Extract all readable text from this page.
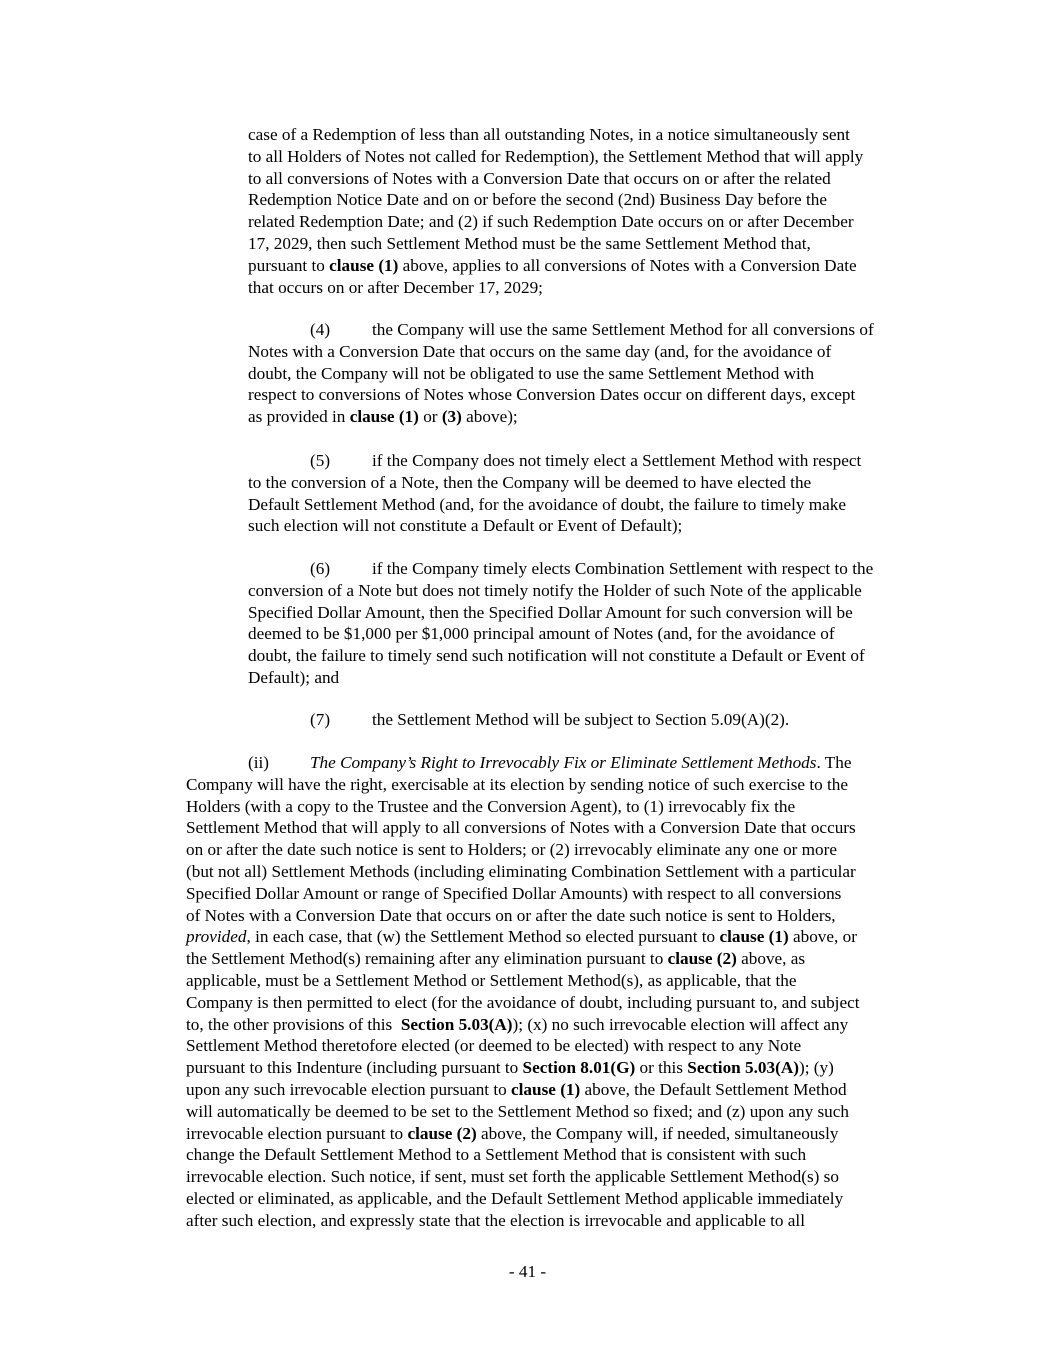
case of a Redemption of less than all outstanding Notes, in a notice simultaneously sent
to all Holders of Notes not called for Redemption), the Settlement Method that will apply
to all conversions of Notes with a Conversion Date that occurs on or after the related
Redemption Notice Date and on or before the second (2nd) Business Day before the
related Redemption Date; and (2) if such Redemption Date occurs on or after December
17, 2029, then such Settlement Method must be the same Settlement Method that,
pursuant to clause (1) above, applies to all conversions of Notes with a Conversion Date
that occurs on or after December 17, 2029;
(4) the Company will use the same Settlement Method for all conversions of
Notes with a Conversion Date that occurs on the same day (and, for the avoidance of
doubt, the Company will not be obligated to use the same Settlement Method with
respect to conversions of Notes whose Conversion Dates occur on different days, except
as provided in clause (1) or (3) above);
(5) if the Company does not timely elect a Settlement Method with respect
to the conversion of a Note, then the Company will be deemed to have elected the
Default Settlement Method (and, for the avoidance of doubt, the failure to timely make
such election will not constitute a Default or Event of Default);
(6) if the Company timely elects Combination Settlement with respect to the
conversion of a Note but does not timely notify the Holder of such Note of the applicable
Specified Dollar Amount, then the Specified Dollar Amount for such conversion will be
deemed to be $1,000 per $1,000 principal amount of Notes (and, for the avoidance of
doubt, the failure to timely send such notification will not constitute a Default or Event of
Default); and
(7) the Settlement Method will be subject to Section 5.09(A)(2).
(ii) The Company’s Right to Irrevocably Fix or Eliminate Settlement Methods. The
Company will have the right, exercisable at its election by sending notice of such exercise to the
Holders (with a copy to the Trustee and the Conversion Agent), to (1) irrevocably fix the
Settlement Method that will apply to all conversions of Notes with a Conversion Date that occurs
on or after the date such notice is sent to Holders; or (2) irrevocably eliminate any one or more
(but not all) Settlement Methods (including eliminating Combination Settlement with a particular
Specified Dollar Amount or range of Specified Dollar Amounts) with respect to all conversions
of Notes with a Conversion Date that occurs on or after the date such notice is sent to Holders,
provided, in each case, that (w) the Settlement Method so elected pursuant to clause (1) above, or
the Settlement Method(s) remaining after any elimination pursuant to clause (2) above, as
applicable, must be a Settlement Method or Settlement Method(s), as applicable, that the
Company is then permitted to elect (for the avoidance of doubt, including pursuant to, and subject
to, the other provisions of this  Section 5.03(A)); (x) no such irrevocable election will affect any
Settlement Method theretofore elected (or deemed to be elected) with respect to any Note
pursuant to this Indenture (including pursuant to Section 8.01(G) or this Section 5.03(A)); (y)
upon any such irrevocable election pursuant to clause (1) above, the Default Settlement Method
will automatically be deemed to be set to the Settlement Method so fixed; and (z) upon any such
irrevocable election pursuant to clause (2) above, the Company will, if needed, simultaneously
change the Default Settlement Method to a Settlement Method that is consistent with such
irrevocable election. Such notice, if sent, must set forth the applicable Settlement Method(s) so
elected or eliminated, as applicable, and the Default Settlement Method applicable immediately
after such election, and expressly state that the election is irrevocable and applicable to all
- 41 -
